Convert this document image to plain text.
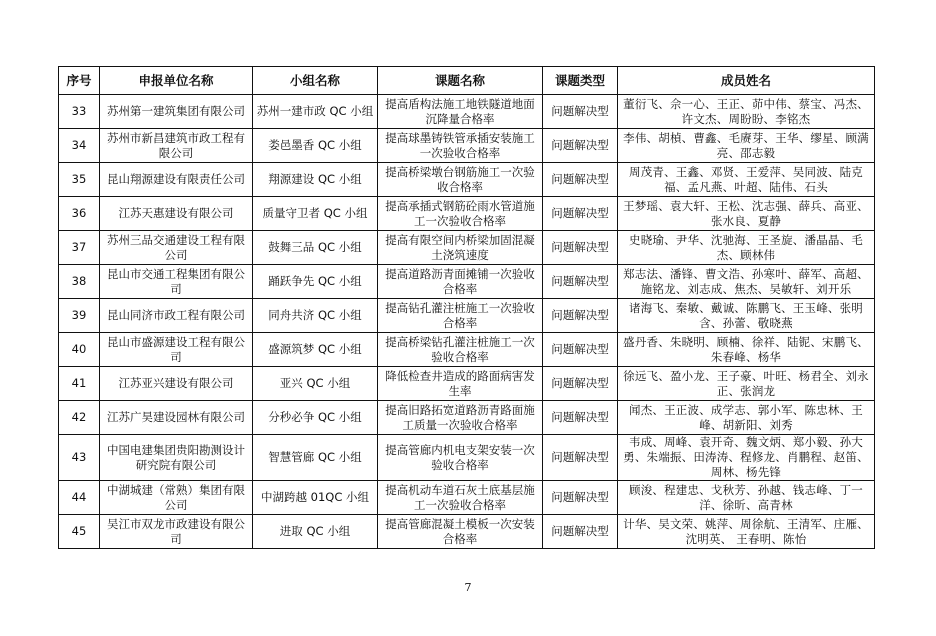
序号	申报单位名称	小组名称	课题名称	课题类型	成员姓名
33	苏州第一建筑集团有限公司	苏州一建市政 QC 小组	提高盾构法施工地铁隧道地面沉降量合格率	问题解决型	董衍飞、佘一心、王正、茆中伟、蔡宝、冯杰、许文杰、周盼盼、李铭杰
34	苏州市新昌建筑市政工程有限公司	娄邑墨香 QC 小组	提高球墨铸铁管承插安装施工一次验收合格率	问题解决型	李伟、胡楨、曹鑫、毛赓芽、王华、缪星、顾满亮、邵志毅
35	昆山翔源建设有限责任公司	翔源建设 QC 小组	提高桥梁墩台钢筋施工一次验收合格率	问题解决型	周茂青、王鑫、邓贤、王爱萍、吴同波、陆克福、孟凡燕、叶超、陆伟、石头
36	江苏天惠建设有限公司	质量守卫者 QC 小组	提高承插式钢筋砼雨水管道施工一次验收合格率	问题解决型	王梦瑶、袁大轩、王松、沈志强、薛兵、高亚、张水良、夏静
37	苏州三品交通建设工程有限公司	鼓舞三品 QC 小组	提高有限空间内桥梁加固混凝土浇筑速度	问题解决型	史晓瑜、尹华、沈驰海、王圣旋、潘晶晶、毛杰、顾林伟
38	昆山市交通工程集团有限公司	踊跃争先 QC 小组	提高道路沥青面摊铺一次验收合格率	问题解决型	郑志法、潘锋、曹文浩、孙寒叶、薛军、高超、施铭龙、刘志成、焦杰、吴敏轩、刘开乐
39	昆山同济市政工程有限公司	同舟共济 QC 小组	提高钻孔灌注桩施工一次验收合格率	问题解决型	诸海飞、秦敏、戴诚、陈鹏飞、王玉峰、张明含、孙蕾、敬晓燕
40	昆山市盛源建设工程有限公司	盛源筑梦 QC 小组	提高桥梁钻孔灌注桩施工一次验收合格率	问题解决型	盛丹香、朱晓明、顾楠、徐祥、陆铌、宋鹏飞、朱春峰、杨华
41	江苏亚兴建设有限公司	亚兴 QC 小组	降低检查井造成的路面病害发生率	问题解决型	徐远飞、盈小龙、王子豪、叶旺、杨君全、刘永正、张润龙
42	江苏广昊建设园林有限公司	分秒必争 QC 小组	提高旧路拓宽道路沥青路面施工质量一次验收合格率	问题解决型	闻杰、王正波、成学志、郭小军、陈忠林、王峰、胡新阳、刘秀
43	中国电建集团贵阳勘测设计研究院有限公司	智慧管廊 QC 小组	提高管廊内机电支架安装一次验收合格率	问题解决型	韦成、周峰、袁开奇、魏文炳、郑小毅、孙大勇、朱端振、田涛涛、程修龙、肖鹏程、赵笛、周林、杨先锋
44	中湖城建（常熟）集团有限公司	中湖跨越 01QC 小组	提高机动车道石灰土底基层施工一次验收合格率	问题解决型	顾浚、程建忠、戈秋芳、孙越、钱志峰、丁一洋、徐昕、高青林
45	吴江市双龙市政建设有限公司	进取 QC 小组	提高管廊混凝土模板一次安装合格率	问题解决型	计华、吴文荣、姚萍、周徐航、王清军、庄雁、沈明英、 王春明、陈怡
7
